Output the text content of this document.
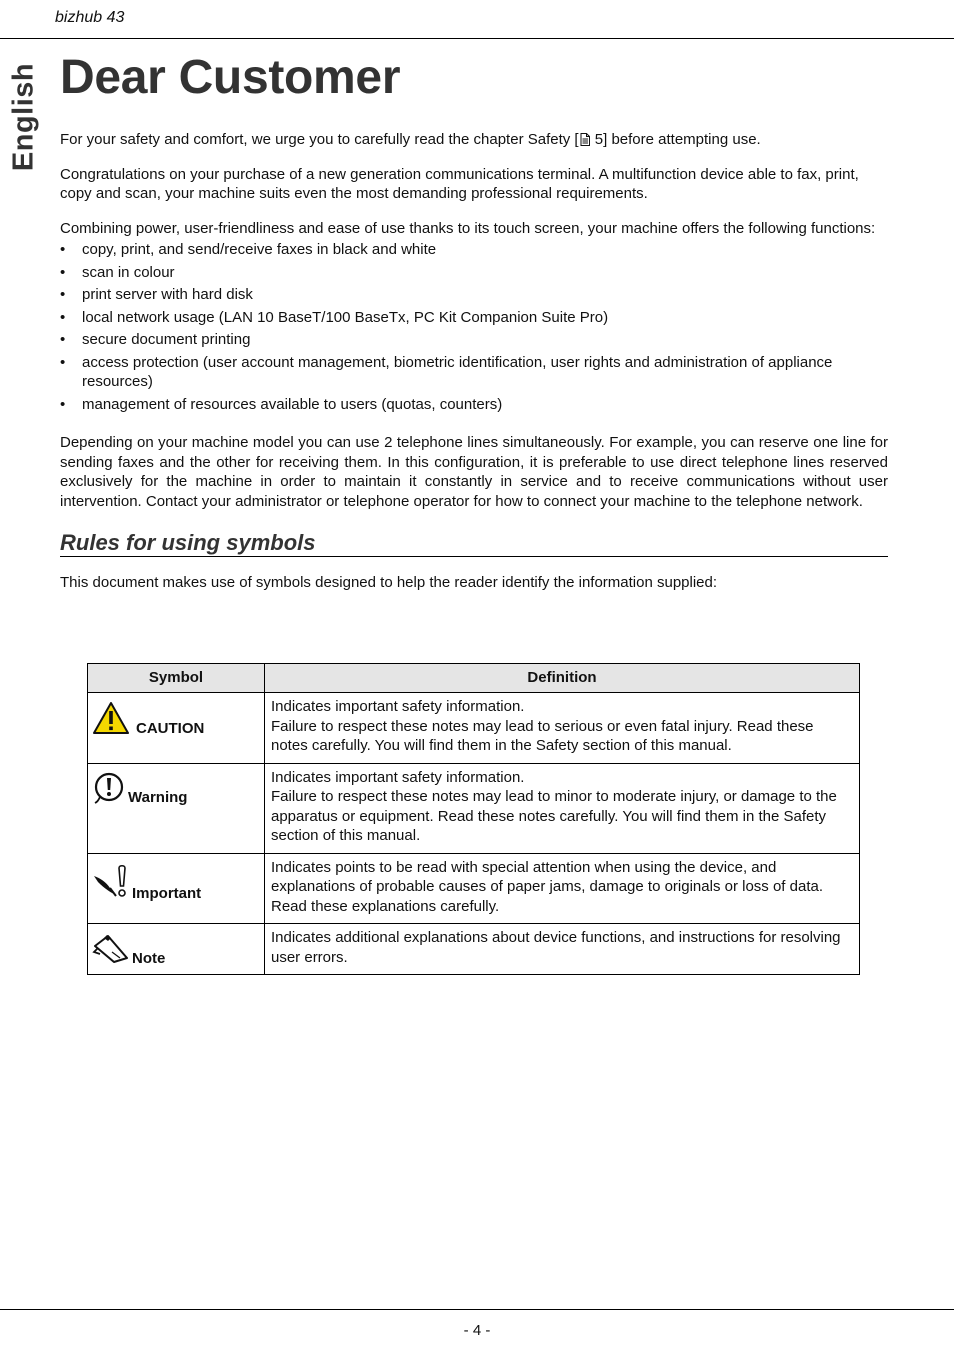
bizhub 43
English Dear Customer

For your safety and comfort, we urge you to carefully read the chapter Safety [ 5] before attempting use.

Congratulations on your purchase of a new generation communications terminal. A multifunction device able to fax, print, copy and scan, your machine suits even the most demanding professional requirements.

Combining power, user-friendliness and ease of use thanks to its touch screen, your machine offers the following functions:

• copy, print, and send/receive faxes in black and white
• scan in colour
• print server with hard disk
• local network usage (LAN 10 BaseT/100 BaseTx, PC Kit Companion Suite Pro)
• secure document printing
• access protection (user account management, biometric identification, user rights and administration of appliance resources)
• management of resources available to users (quotas, counters)

Depending on your machine model you can use 2 telephone lines simultaneously. For example, you can reserve one line for sending faxes and the other for receiving them. In this configuration, it is preferable to use direct telephone lines reserved exclusively for the machine in order to maintain it constantly in service and to receive communications without user intervention. Contact your administrator or telephone operator for how to connect your machine to the telephone network.

Rules for using symbols

This document makes use of symbols designed to help the reader identify the information supplied:

Symbol	Definition

CAUTION	Indicates important safety information.
Failure to respect these notes may lead to serious or even fatal injury. Read these notes carefully. You will find them in the Safety section of this manual.

Warning	Indicates important safety information.
Failure to respect these notes may lead to minor to moderate injury, or damage to the apparatus or equipment. Read these notes carefully. You will find them in the Safety section of this manual.

Important	Indicates points to be read with special attention when using the device, and explanations of probable causes of paper jams, damage to originals or loss of data. Read these explanations carefully.

Note	Indicates additional explanations about device functions, and instructions for resolving user errors.
- 4 -
